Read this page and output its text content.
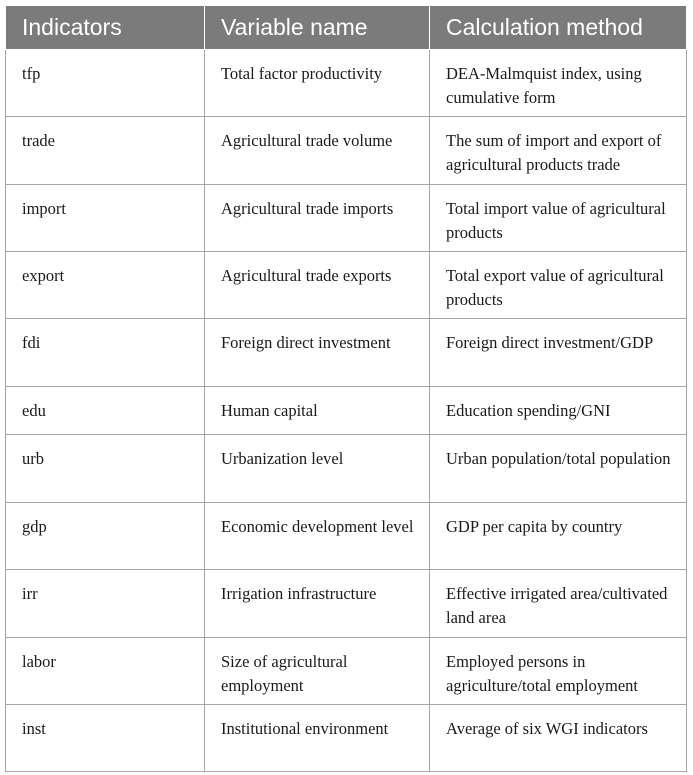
Indicators	Variable name	Calculation method
tfp	Total factor productivity	DEA-Malmquist index, using cumulative form
trade	Agricultural trade volume	The sum of import and export of agricultural products trade
import	Agricultural trade imports	Total import value of agricultural products
export	Agricultural trade exports	Total export value of agricultural products
fdi	Foreign direct investment	Foreign direct investment/GDP
edu	Human capital	Education spending/GNI
urb	Urbanization level	Urban population/total population
gdp	Economic development level	GDP per capita by country
irr	Irrigation infrastructure	Effective irrigated area/cultivated land area
labor	Size of agricultural employment	Employed persons in agriculture/total employment
inst	Institutional environment	Average of six WGI indicators
